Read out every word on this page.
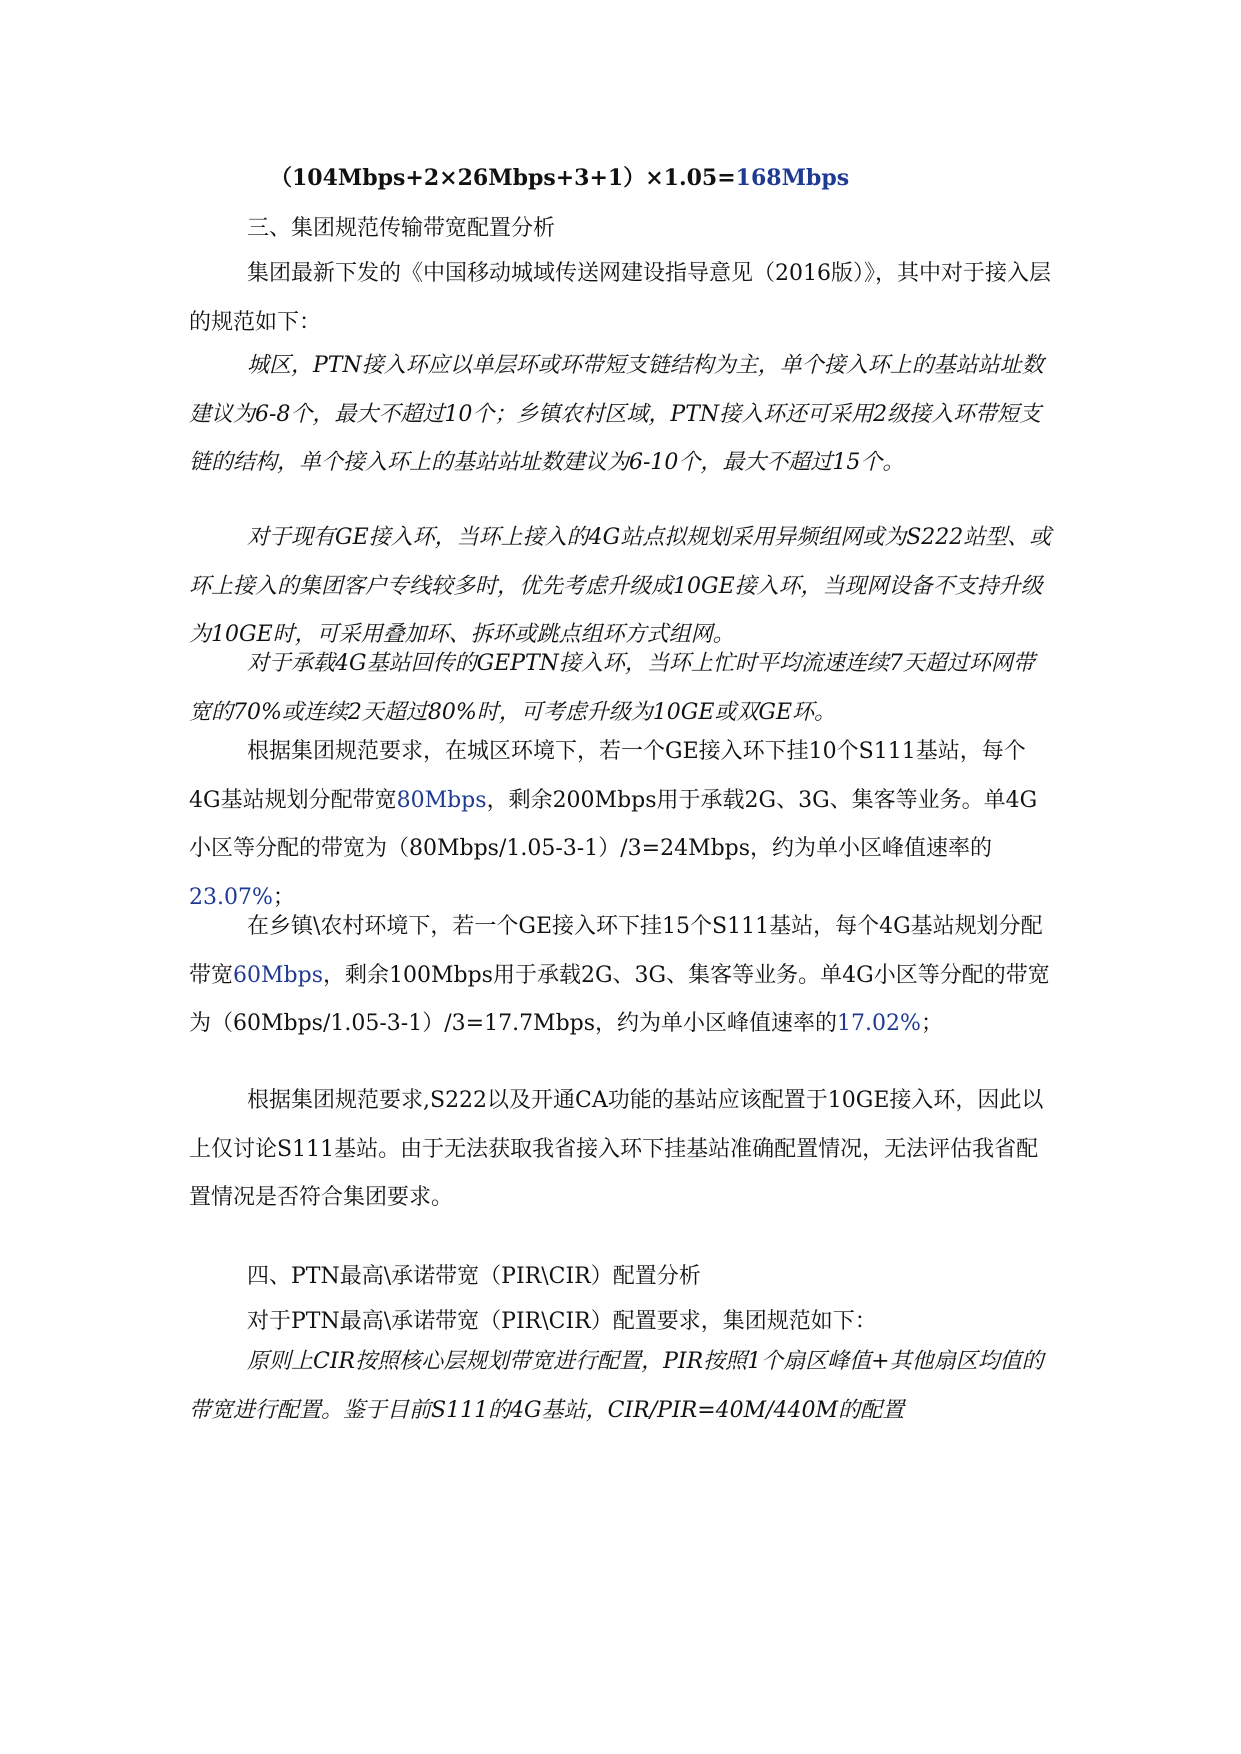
（104Mbps+2×26Mbps+3+1）×1.05=168Mbps

三、集团规范传输带宽配置分析

集团最新下发的《中国移动城域传送网建设指导意见（2016版）》，其中对于接入层的规范如下：

城区，PTN接入环应以单层环或环带短支链结构为主，单个接入环上的基站站址数建议为6-8个，最大不超过10个；乡镇农村区域，PTN接入环还可采用2级接入环带短支链的结构，单个接入环上的基站站址数建议为6-10个，最大不超过15个。

对于现有GE接入环，当环上接入的4G站点拟规划采用异频组网或为S222站型、或环上接入的集团客户专线较多时，优先考虑升级成10GE接入环，当现网设备不支持升级为10GE时，可采用叠加环、拆环或跳点组环方式组网。

对于承载4G基站回传的GEPTN接入环，当环上忙时平均流速连续7天超过环网带宽的70%或连续2天超过80%时，可考虑升级为10GE或双GE环。

根据集团规范要求，在城区环境下，若一个GE接入环下挂10个S111基站，每个4G基站规划分配带宽80Mbps，剩余200Mbps用于承载2G、3G、集客等业务。单4G小区等分配的带宽为（80Mbps/1.05-3-1）/3=24Mbps，约为单小区峰值速率的23.07%；

在乡镇\农村环境下，若一个GE接入环下挂15个S111基站，每个4G基站规划分配带宽60Mbps，剩余100Mbps用于承载2G、3G、集客等业务。单4G小区等分配的带宽为（60Mbps/1.05-3-1）/3=17.7Mbps，约为单小区峰值速率的17.02%；

根据集团规范要求,S222以及开通CA功能的基站应该配置于10GE接入环，因此以上仅讨论S111基站。由于无法获取我省接入环下挂基站准确配置情况，无法评估我省配置情况是否符合集团要求。

四、PTN最高\承诺带宽（PIR\CIR）配置分析

对于PTN最高\承诺带宽（PIR\CIR）配置要求，集团规范如下：

原则上CIR按照核心层规划带宽进行配置，PIR按照1个扇区峰值+其他扇区均值的带宽进行配置。鉴于目前S111的4G基站，CIR/PIR=40M/440M的配置
